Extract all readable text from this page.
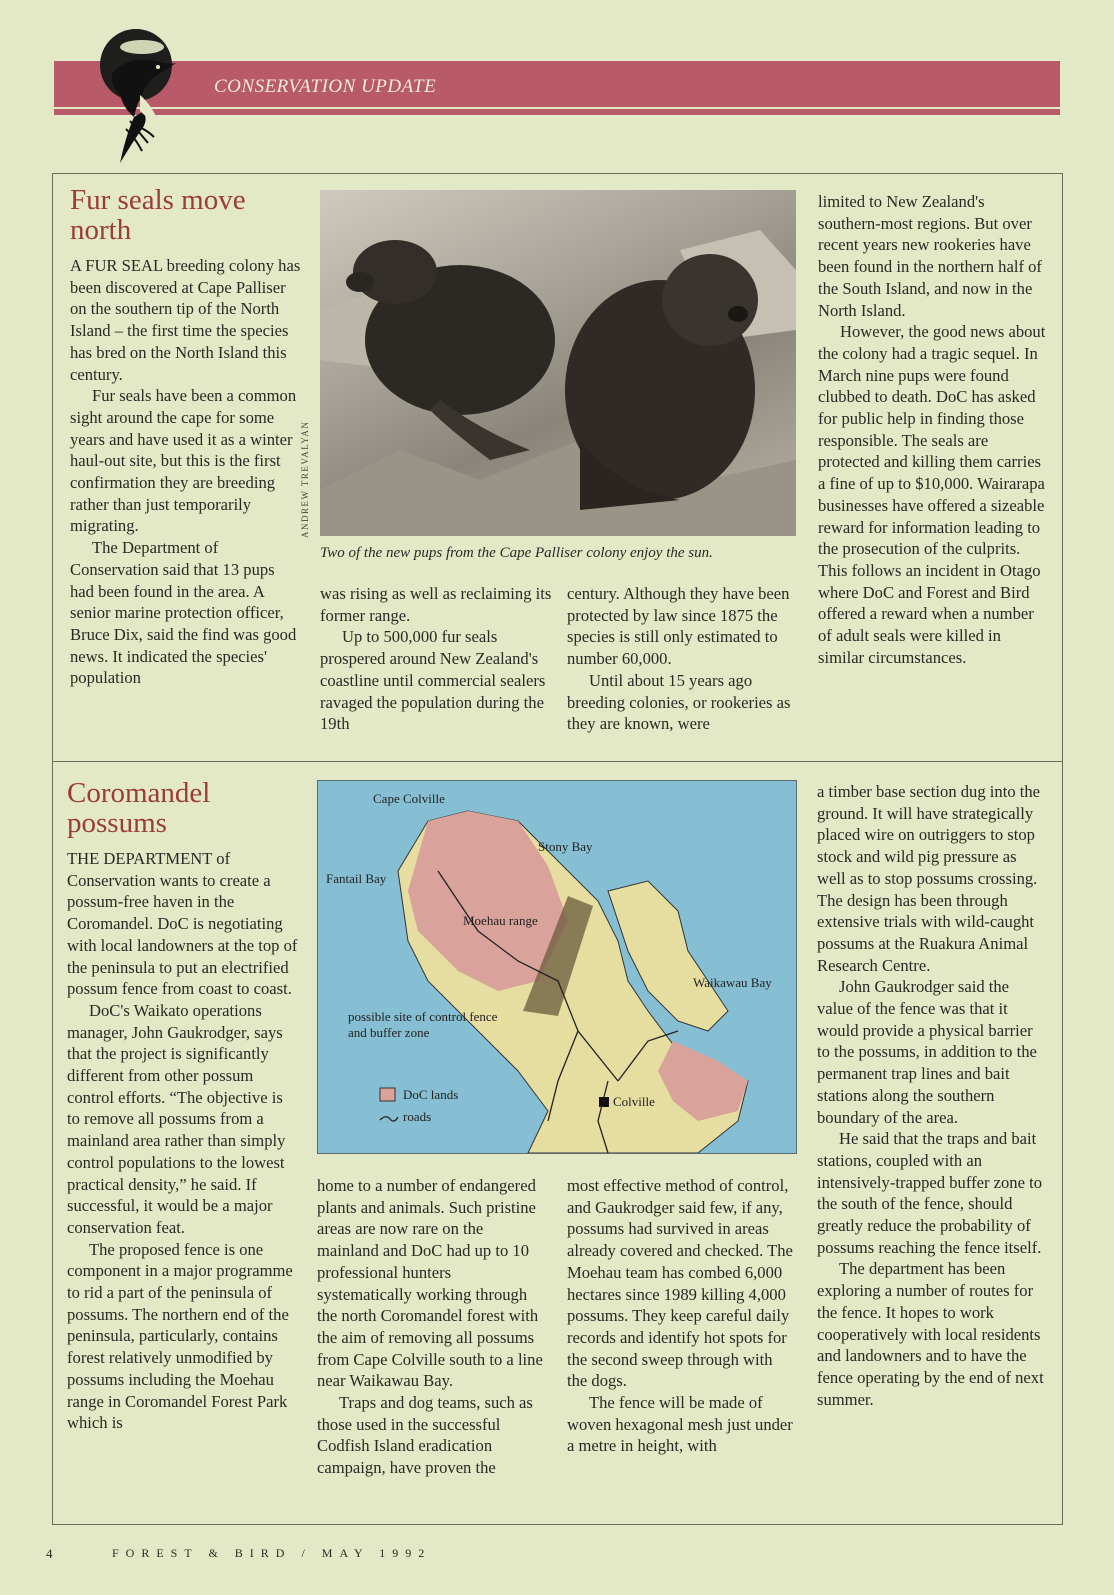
CONSERVATION UPDATE
Fur seals move
north

A FUR SEAL breeding colony has been discovered at Cape Palliser on the southern tip of the North Island – the first time the species has bred on the North Island this century.

Fur seals have been a common sight around the cape for some years and have used it as a winter haul-out site, but this is the first confirmation they are breeding rather than just temporarily migrating.

The Department of Conservation said that 13 pups had been found in the area. A senior marine protection officer, Bruce Dix, said the find was good news. It indicated the species' population

ANDREW TREVALYAN

Two of the new pups from the Cape Palliser colony enjoy the sun.

was rising as well as reclaiming its former range.

Up to 500,000 fur seals prospered around New Zealand's coastline until commercial sealers ravaged the population during the 19th

century. Although they have been protected by law since 1875 the species is still only estimated to number 60,000.

Until about 15 years ago breeding colonies, or rookeries as they are known, were

limited to New Zealand's southern-most regions. But over recent years new rookeries have been found in the northern half of the South Island, and now in the North Island.

However, the good news about the colony had a tragic sequel. In March nine pups were found clubbed to death. DoC has asked for public help in finding those responsible. The seals are protected and killing them carries a fine of up to $10,000. Wairarapa businesses have offered a sizeable reward for information leading to the prosecution of the culprits. This follows an incident in Otago where DoC and Forest and Bird offered a reward when a number of adult seals were killed in similar circumstances.

Coromandel
possums

THE DEPARTMENT of Conservation wants to create a possum-free haven in the Coromandel. DoC is negotiating with local landowners at the top of the peninsula to put an electrified possum fence from coast to coast.

DoC's Waikato operations manager, John Gaukrodger, says that the project is significantly different from other possum control efforts. “The objective is to remove all possums from a mainland area rather than simply control populations to the lowest practical density,” he said. If successful, it would be a major conservation feat.

The proposed fence is one component in a major programme to rid a part of the peninsula of possums. The northern end of the peninsula, particularly, contains forest relatively unmodified by possums including the Moehau range in Coromandel Forest Park which is

Cape Colville
Stony Bay
Fantail Bay
Moehau range
Waikawau Bay
possible site of control fence
and buffer zone
Colville
DoC lands
roads

home to a number of endangered plants and animals. Such pristine areas are now rare on the mainland and DoC had up to 10 professional hunters systematically working through the north Coromandel forest with the aim of removing all possums from Cape Colville south to a line near Waikawau Bay.

Traps and dog teams, such as those used in the successful Codfish Island eradication campaign, have proven the

most effective method of control, and Gaukrodger said few, if any, possums had survived in areas already covered and checked. The Moehau team has combed 6,000 hectares since 1989 killing 4,000 possums. They keep careful daily records and identify hot spots for the second sweep through with the dogs.

The fence will be made of woven hexagonal mesh just under a metre in height, with

a timber base section dug into the ground. It will have strategically placed wire on outriggers to stop stock and wild pig pressure as well as to stop possums crossing. The design has been through extensive trials with wild-caught possums at the Ruakura Animal Research Centre.

John Gaukrodger said the value of the fence was that it would provide a physical barrier to the possums, in addition to the permanent trap lines and bait stations along the southern boundary of the area.

He said that the traps and bait stations, coupled with an intensively-trapped buffer zone to the south of the fence, should greatly reduce the probability of possums reaching the fence itself.

The department has been exploring a number of routes for the fence. It hopes to work cooperatively with local residents and landowners and to have the fence operating by the end of next summer.

4	FOREST & BIRD / MAY 1992
